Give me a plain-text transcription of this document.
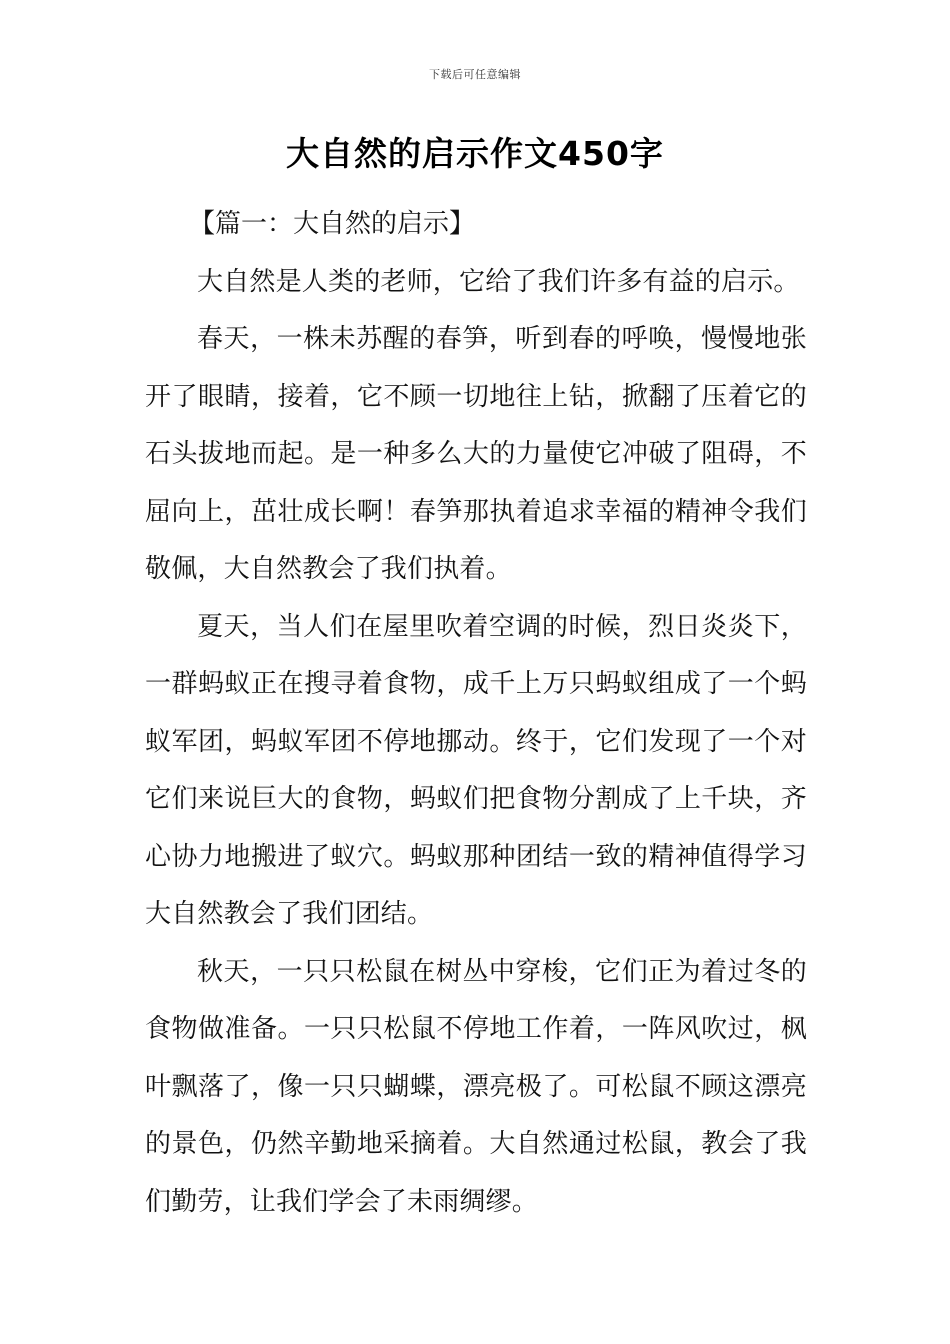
下载后可任意编辑
大自然的启示作文450字

【篇一：大自然的启示】

大自然是人类的老师，它给了我们许多有益的启示。

春天，一株未苏醒的春笋，听到春的呼唤，慢慢地张开了眼睛，接着，它不顾一切地往上钻，掀翻了压着它的石头拔地而起。是一种多么大的力量使它冲破了阻碍，不屈向上，茁壮成长啊！春笋那执着追求幸福的精神令我们敬佩，大自然教会了我们执着。

夏天，当人们在屋里吹着空调的时候，烈日炎炎下，一群蚂蚁正在搜寻着食物，成千上万只蚂蚁组成了一个蚂蚁军团，蚂蚁军团不停地挪动。终于，它们发现了一个对它们来说巨大的食物，蚂蚁们把食物分割成了上千块，齐心协力地搬进了蚁穴。蚂蚁那种团结一致的精神值得学习大自然教会了我们团结。

秋天，一只只松鼠在树丛中穿梭，它们正为着过冬的食物做准备。一只只松鼠不停地工作着，一阵风吹过，枫叶飘落了，像一只只蝴蝶，漂亮极了。可松鼠不顾这漂亮的景色，仍然辛勤地采摘着。大自然通过松鼠，教会了我们勤劳，让我们学会了未雨绸缪。
